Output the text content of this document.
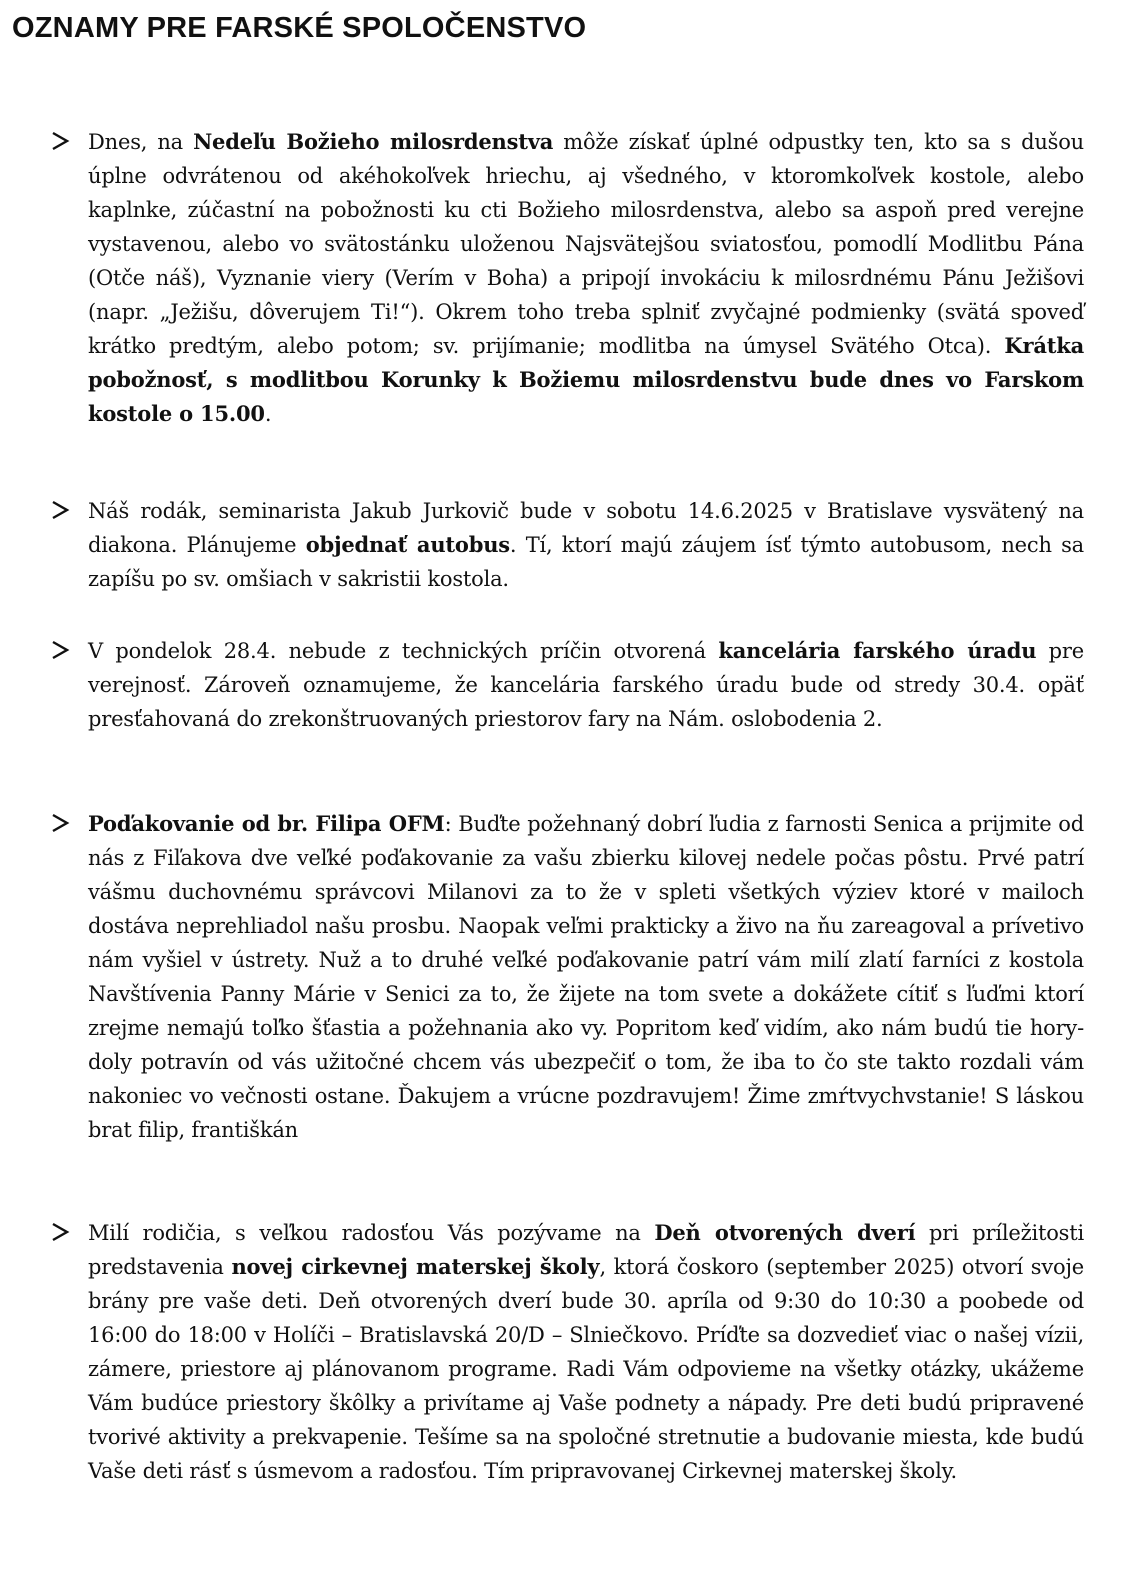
OZNAMY PRE FARSKÉ SPOLOČENSTVO
Dnes, na Nedeľu Božieho milosrdenstva môže získať úplné odpustky ten, kto sa s dušou úplne odvrátenou od akéhokoľvek hriechu, aj všedného, v ktoromkoľvek kostole, alebo kaplnke, zúčastní na pobožnosti ku cti Božieho milosrdenstva, alebo sa aspoň pred verejne vystavenou, alebo vo svätostánku uloženou Najsvätejšou sviatosťou, pomodlí Modlitbu Pána (Otče náš), Vyznanie viery (Verím v Boha) a pripojí invokáciu k milosrdnému Pánu Ježišovi (napr. „Ježišu, dôverujem Ti!“). Okrem toho treba splniť zvyčajné podmienky (svätá spoveď krátko predtým, alebo potom; sv. prijímanie; modlitba na úmysel Svätého Otca). Krátka pobožnosť, s modlitbou Korunky k Božiemu milosrdenstvu bude dnes vo Farskom kostole o 15.00.
Náš rodák, seminarista Jakub Jurkovič bude v sobotu 14.6.2025 v Bratislave vysvätený na diakona. Plánujeme objednať autobus. Tí, ktorí majú záujem ísť týmto autobusom, nech sa zapíšu po sv. omšiach v sakristii kostola.
V pondelok 28.4. nebude z technických príčin otvorená kancelária farského úradu pre verejnosť. Zároveň oznamujeme, že kancelária farského úradu bude od stredy 30.4. opäť presťahovaná do zrekonštruovaných priestorov fary na Nám. oslobodenia 2.
Poďakovanie od br. Filipa OFM: Buďte požehnaný dobrí ľudia z farnosti Senica a prijmite od nás z Fiľakova dve veľké poďakovanie za vašu zbierku kilovej nedele počas pôstu. Prvé patrí vášmu duchovnému správcovi Milanovi za to že v spleti všetkých výziev ktoré v mailoch dostáva neprehliadol našu prosbu. Naopak veľmi prakticky a živo na ňu zareagoval a prívetivo nám vyšiel v ústrety. Nuž a to druhé veľké poďakovanie patrí vám milí zlatí farníci z kostola Navštívenia Panny Márie v Senici za to, že žijete na tom svete a dokážete cítiť s ľuďmi ktorí zrejme nemajú toľko šťastia a požehnania ako vy. Popritom keď vidím, ako nám budú tie hory-doly potravín od vás užitočné chcem vás ubezpečiť o tom, že iba to čo ste takto rozdali vám nakoniec vo večnosti ostane. Ďakujem a vrúcne pozdravujem! Žime zmŕtvychvstanie! S láskou brat filip, františkán
Milí rodičia, s veľkou radosťou Vás pozývame na Deň otvorených dverí pri príležitosti predstavenia novej cirkevnej materskej školy, ktorá čoskoro (september 2025) otvorí svoje brány pre vaše deti. Deň otvorených dverí bude 30. apríla od 9:30 do 10:30 a poobede od 16:00 do 18:00 v Holíči – Bratislavská 20/D – Slniečkovo. Príďte sa dozvedieť viac o našej vízii, zámere, priestore aj plánovanom programe. Radi Vám odpovieme na všetky otázky, ukážeme Vám budúce priestory škôlky a privítame aj Vaše podnety a nápady. Pre deti budú pripravené tvorivé aktivity a prekvapenie. Tešíme sa na spoločné stretnutie a budovanie miesta, kde budú Vaše deti rásť s úsmevom a radosťou. Tím pripravovanej Cirkevnej materskej školy.
